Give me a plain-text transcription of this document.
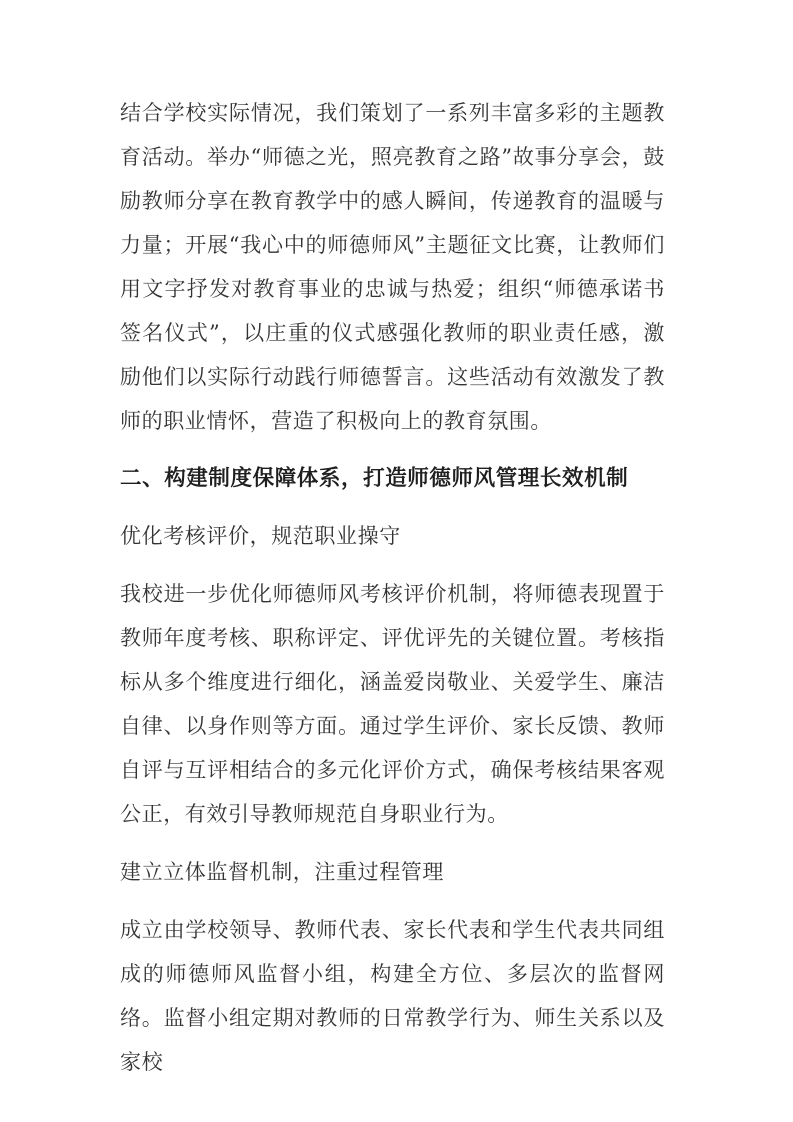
结合学校实际情况，我们策划了一系列丰富多彩的主题教育活动。举办“师德之光，照亮教育之路”故事分享会，鼓励教师分享在教育教学中的感人瞬间，传递教育的温暖与力量；开展“我心中的师德师风”主题征文比赛，让教师们用文字抒发对教育事业的忠诚与热爱；组织“师德承诺书签名仪式”，以庄重的仪式感强化教师的职业责任感，激励他们以实际行动践行师德誓言。这些活动有效激发了教师的职业情怀，营造了积极向上的教育氛围。

二、构建制度保障体系，打造师德师风管理长效机制

优化考核评价，规范职业操守

我校进一步优化师德师风考核评价机制，将师德表现置于教师年度考核、职称评定、评优评先的关键位置。考核指标从多个维度进行细化，涵盖爱岗敬业、关爱学生、廉洁自律、以身作则等方面。通过学生评价、家长反馈、教师自评与互评相结合的多元化评价方式，确保考核结果客观公正，有效引导教师规范自身职业行为。

建立立体监督机制，注重过程管理

成立由学校领导、教师代表、家长代表和学生代表共同组成的师德师风监督小组，构建全方位、多层次的监督网络。监督小组定期对教师的日常教学行为、师生关系以及家校
